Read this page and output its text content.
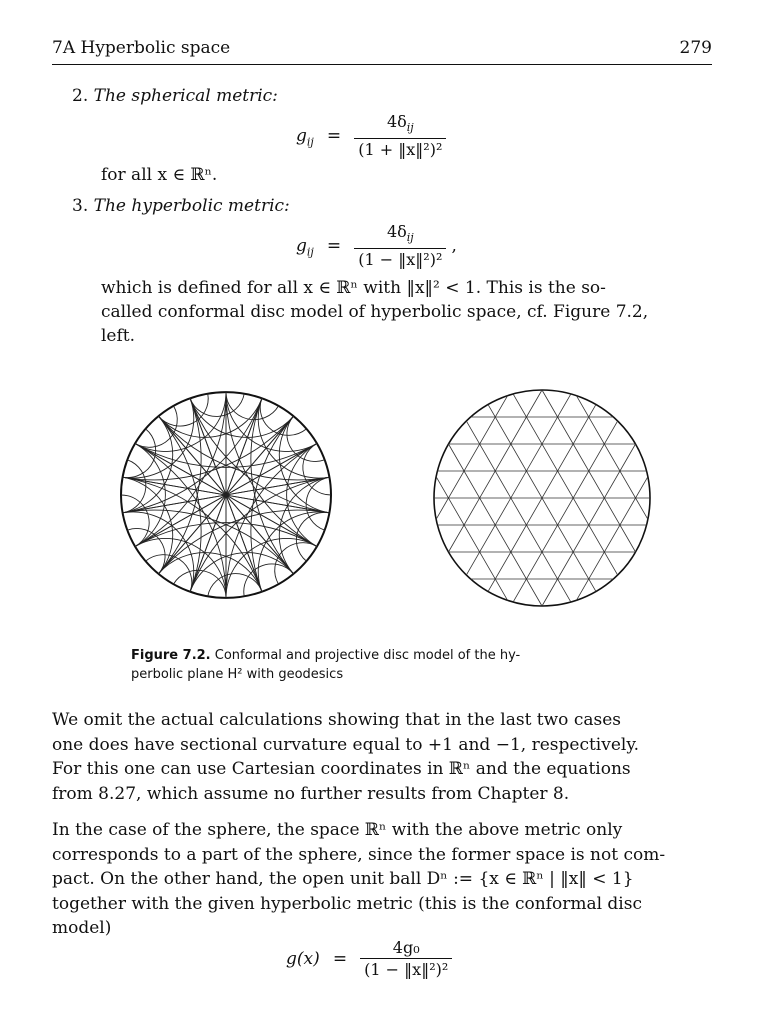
7A Hyperbolic space	279
2. The spherical metric:
$g_{ij} = \frac{4\delta_{ij}}{\text{(1 + ‖x‖²)²}}$
for all x ∈ ℝⁿ.
3. The hyperbolic metric:
$g_{ij} = \frac{4\delta_{ij}}{\text{(1 − ‖x‖²)²}}$ ,
which is defined for all x ∈ ℝⁿ with ‖x‖² < 1. This is the so-
called conformal disc model of hyperbolic space, cf. Figure 7.2,
left.
Figure 7.2. Conformal and projective disc model of the hy-
perbolic plane H² with geodesics
We omit the actual calculations showing that in the last two cases
one does have sectional curvature equal to +1 and −1, respectively.
For this one can use Cartesian coordinates in ℝⁿ and the equations
from 8.27, which assume no further results from Chapter 8.
In the case of the sphere, the space ℝⁿ with the above metric only
corresponds to a part of the sphere, since the former space is not com-
pact. On the other hand, the open unit ball Dⁿ := {x ∈ ℝⁿ | ‖x‖ < 1}
together with the given hyperbolic metric (this is the conformal disc
model)
$g(x) = \frac{\text{4g₀}}{\text{(1 − ‖x‖²)²}}$
